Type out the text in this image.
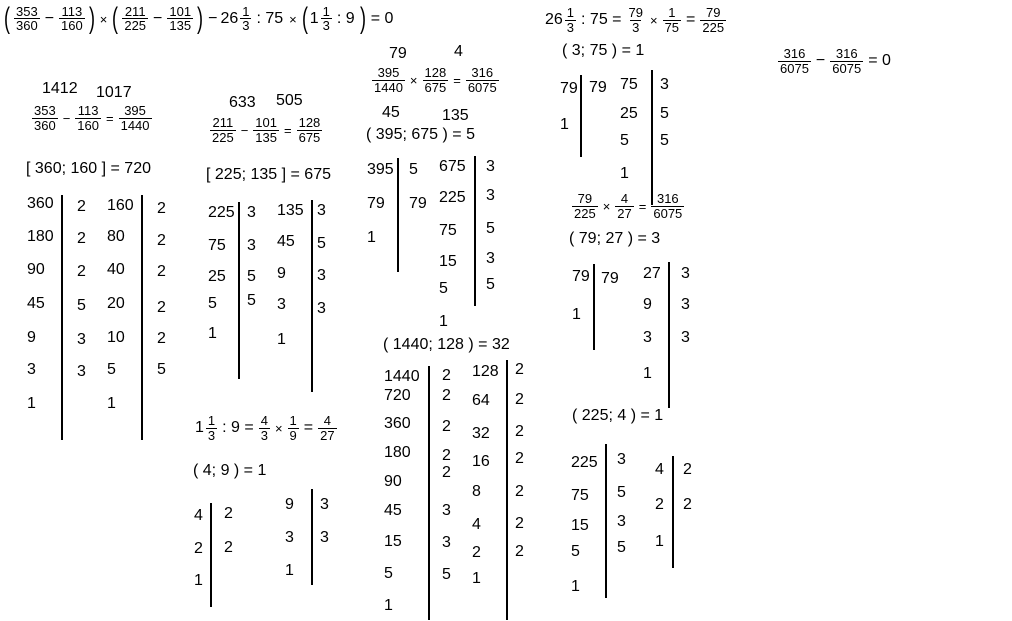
( $\frac{353}{360} - \frac{113}{160}$ ) × ( $\frac{211}{225} - \frac{101}{135}$ ) − $26 \frac{1}{3}$ : 75 × ( $1 \frac{1}{3}$ : 9 ) = 0
1412 1017
$\frac{353}{360} - \frac{113}{160} = \frac{395}{1440}$
[ 360; 160 ] = 720
360
180
90
45
9
3
1
2
2
2
5
3
3
160
80
40
20
10
5
1
2
2
2
2
2
5
633 505
$\frac{211}{225} - \frac{101}{135} = \frac{128}{675}$
[ 225; 135 ] = 675
225
75
25
5
1
3
3
5
5
135
45
9
3
1
3
5
3
3
$1 \frac{1}{3}$ : $9 = \frac{4}{3} \times \frac{1}{9} = \frac{4}{27}$
( 4; 9 ) = 1
4
2
1
2
2
9
3
1
3
3
79	4
$\frac{395}{1440} \times \frac{128}{675} = \frac{316}{6075}$
45	135
( 395; 675 ) = 5
395
79
1
5
79
675
225
75
15
5
1
3
3
5
3
5
( 1440; 128 ) = 32
1440
720
360
180
90
45
15
5
1
2
2
2
2
2
3
3
5
128
64
32
16
8
4
2
1
2
2
2
2
2
2
2
$26 \frac{1}{3}$ : $75 = \frac{79}{3} \times \frac{1}{75} = \frac{79}{225}$
( 3; 75 ) = 1
79
1
79 75
25
5
1
3
5
5
$\frac{79}{225} \times \frac{4}{27} = \frac{316}{6075}$
( 79; 27 ) = 3
79
1
79 27
9
3
1
3
3
3
( 225; 4 ) = 1
225
75
15
5
1
3
5
3
5
4
2
1
2
2
$\frac{316}{6075} - \frac{316}{6075} = 0$
